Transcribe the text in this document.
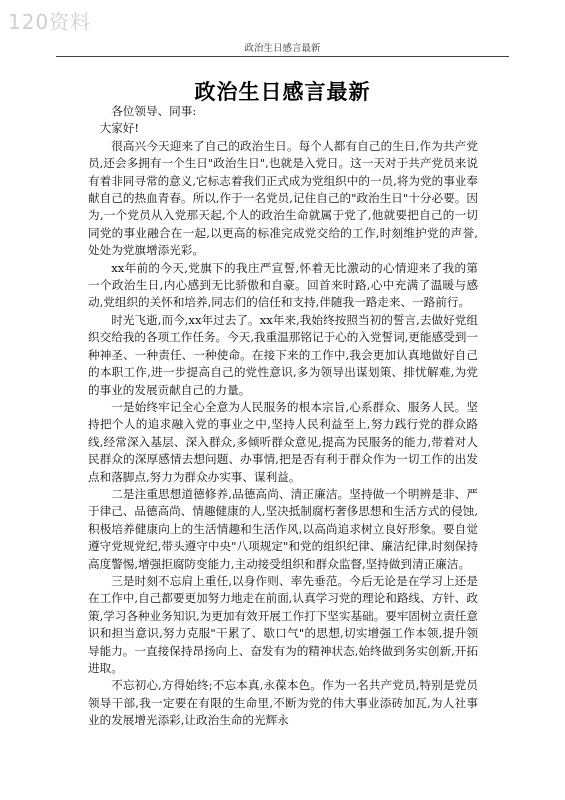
120资料
政治生日感言最新
政治生日感言最新

各位领导、同事:

大家好!

很高兴今天迎来了自己的政治生日。每个人都有自己的生日,作为共产党员,还会多拥有一个生日"政治生日",也就是入党日。这一天对于共产党员来说有着非同寻常的意义,它标志着我们正式成为党组织中的一员,将为党的事业奉献自己的热血青春。所以,作于一名党员,记住自己的"政治生日"十分必要。因为,一个党员从入党那天起,个人的政治生命就属于党了,他就要把自己的一切同党的事业融合在一起,以更高的标准完成党交给的工作,时刻维护党的声誉,处处为党旗增添光彩。

xx年前的今天,党旗下的我庄严宣誓,怀着无比激动的心情迎来了我的第一个政治生日,内心感到无比骄傲和自豪。回首来时路,心中充满了温暖与感动,党组织的关怀和培养,同志们的信任和支持,伴随我一路走来、一路前行。

时光飞逝,而今,xx年过去了。xx年来,我始终按照当初的誓言,去做好党组织交给我的各项工作任务。今天,我重温那铭记于心的入党誓词,更能感受到一种神圣、一种责任、一种使命。在接下来的工作中,我会更加认真地做好自己的本职工作,进一步提高自己的党性意识,多为领导出谋划策、排忧解难,为党的事业的发展贡献自己的力量。

一是始终牢记全心全意为人民服务的根本宗旨,心系群众、服务人民。坚持把个人的追求融入党的事业之中,坚持人民利益至上,努力践行党的群众路线,经常深入基层、深入群众,多倾听群众意见,提高为民服务的能力,带着对人民群众的深厚感情去想问题、办事情,把是否有利于群众作为一切工作的出发点和落脚点,努力为群众办实事、谋利益。

二是注重思想道德修养,品德高尚、清正廉洁。坚持做一个明辨是非、严于律己、品德高尚、情趣健康的人,坚决抵制腐朽奢侈思想和生活方式的侵蚀,积极培养健康向上的生活情趣和生活作风,以高尚追求树立良好形象。要自觉遵守党规党纪,带头遵守中央"八项规定"和党的组织纪律、廉洁纪律,时刻保持高度警惕,增强拒腐防变能力,主动接受组织和群众监督,坚持做到清正廉洁。

三是时刻不忘肩上重任,以身作则、率先垂范。今后无论是在学习上还是在工作中,自己都要更加努力地走在前面,认真学习党的理论和路线、方针、政策,学习各种业务知识,为更加有效开展工作打下坚实基础。要牢固树立责任意识和担当意识,努力克服"干累了、歇口气"的思想,切实增强工作本领,提升领导能力。一直接保持昂扬向上、奋发有为的精神状态,始终做到务实创新,开拓进取。

不忘初心,方得始终;不忘本真,永葆本色。作为一名共产党员,特别是党员领导干部,我一定要在有限的生命里,不断为党的伟大事业添砖加瓦,为人社事业的发展增光添彩,让政治生命的光辉永
